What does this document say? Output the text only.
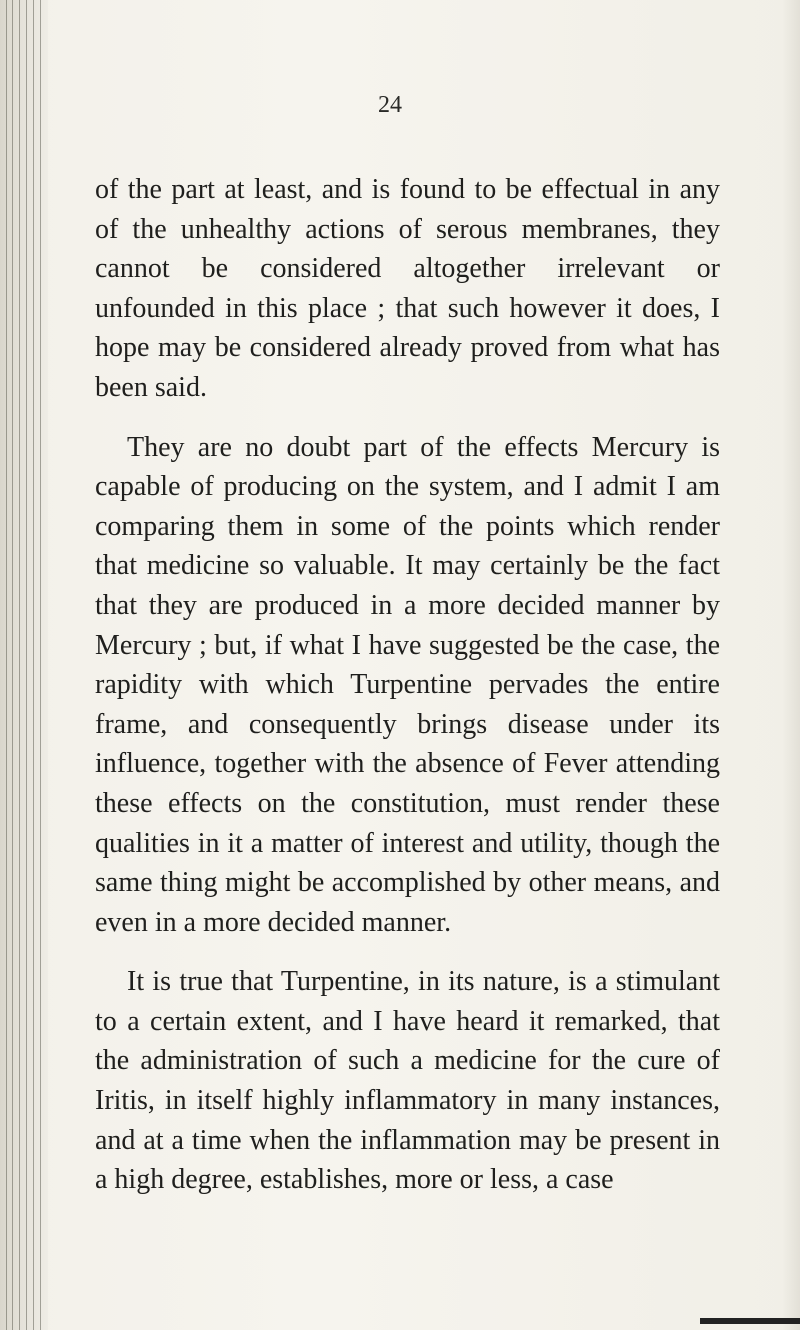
24

of the part at least, and is found to be effectual in any of the unhealthy actions of serous membranes, they cannot be considered altogether irrelevant or unfounded in this place ; that such however it does, I hope may be considered already proved from what has been said.

They are no doubt part of the effects Mercury is capable of producing on the system, and I admit I am comparing them in some of the points which render that medicine so valuable. It may certainly be the fact that they are produced in a more decided manner by Mercury ; but, if what I have suggested be the case, the rapidity with which Turpentine pervades the entire frame, and consequently brings disease under its influence, together with the absence of Fever attending these effects on the constitution, must render these qualities in it a matter of interest and utility, though the same thing might be accomplished by other means, and even in a more decided manner.

It is true that Turpentine, in its nature, is a stimulant to a certain extent, and I have heard it remarked, that the administration of such a medicine for the cure of Iritis, in itself highly inflammatory in many instances, and at a time when the inflammation may be present in a high degree, establishes, more or less, a case
